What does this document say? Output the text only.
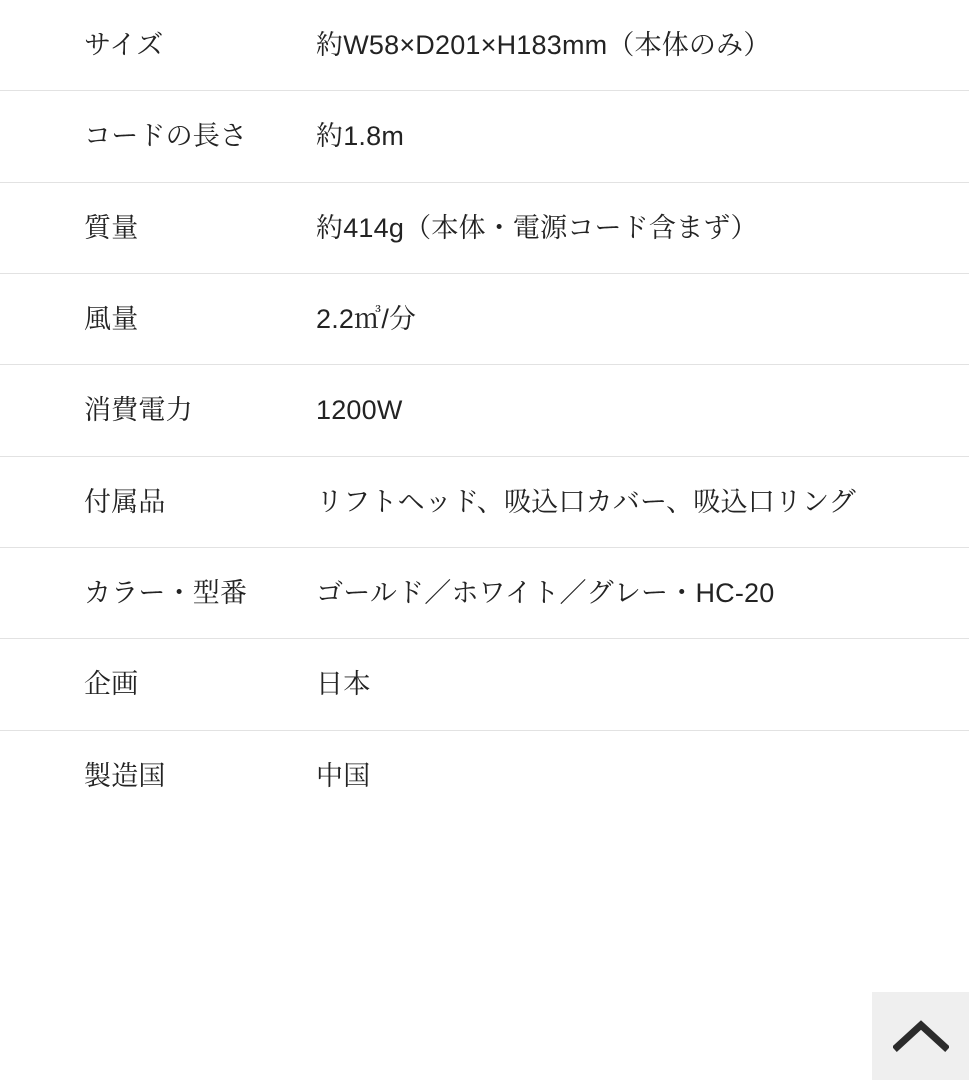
サイズ	約W58×D201×H183mm（本体のみ）
コードの長さ	約1.8m
質量	約414g（本体・電源コード含まず）
風量	2.2㎥/分
消費電力	1200W
付属品	リフトヘッド、吸込口カバー、吸込口リング
カラー・型番	ゴールド／ホワイト／グレー・HC-20
企画	日本
製造国	中国
